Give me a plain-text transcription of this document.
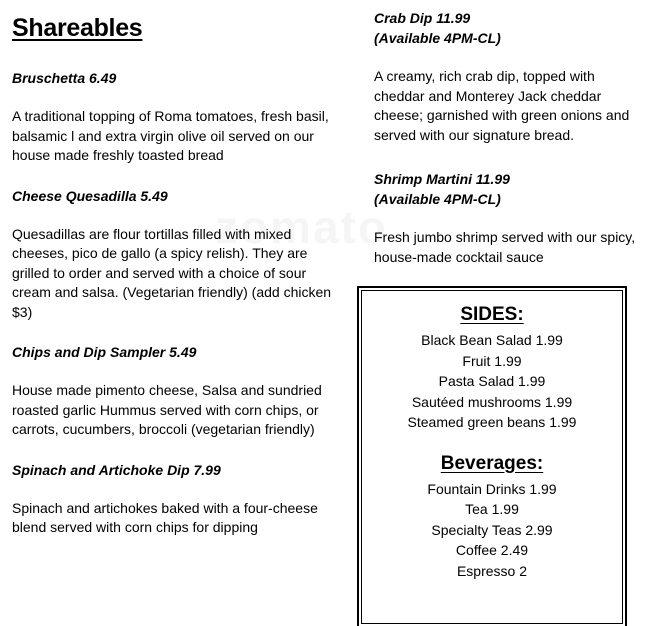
Shareables
Bruschetta 6.49
A traditional topping of Roma tomatoes, fresh basil, balsamic l and extra virgin olive oil served on our house made freshly toasted bread
Cheese Quesadilla 5.49
Quesadillas are flour tortillas filled with mixed cheeses, pico de gallo (a spicy relish). They are grilled to order and served with a choice of sour cream and salsa. (Vegetarian friendly) (add chicken $3)
Chips and Dip Sampler 5.49
House made pimento cheese, Salsa and sundried roasted garlic Hummus served with corn chips, or carrots, cucumbers, broccoli (vegetarian friendly)
Spinach and Artichoke Dip 7.99
Spinach and artichokes baked with a four-cheese blend served with corn chips for dipping
Crab Dip 11.99
(Available 4PM-CL)
A creamy, rich crab dip, topped with cheddar and Monterey Jack cheddar cheese; garnished with green onions and served with our signature bread.
Shrimp Martini 11.99
(Available 4PM-CL)
Fresh jumbo shrimp served with our spicy, house-made cocktail sauce
SIDES:
Black Bean Salad 1.99
Fruit 1.99
Pasta Salad 1.99
Sautéed mushrooms 1.99
Steamed green beans 1.99
Beverages:
Fountain Drinks 1.99
Tea 1.99
Specialty Teas 2.99
Coffee 2.49
Espresso 2
